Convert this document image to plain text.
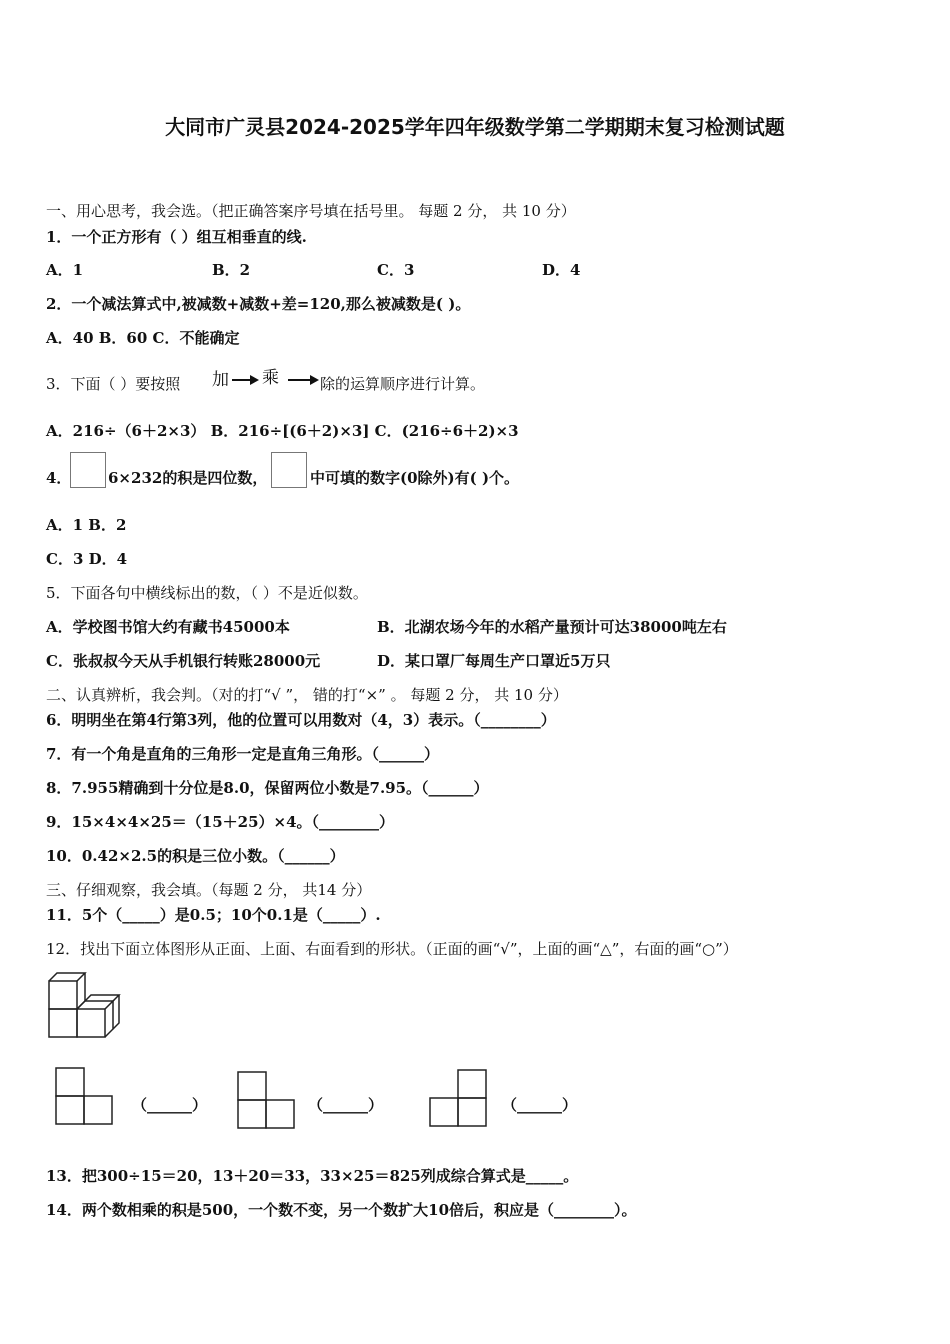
大同市广灵县2024-2025学年四年级数学第二学期期末复习检测试题
一、用心思考，我会选。（把正确答案序号填在括号里。 每题 2 分， 共 10 分）
1．一个正方形有（ ）组互相垂直的线.
A．1	B．2	C．3	D．4
2．一个减法算式中,被减数+减数+差=120,那么被减数是( )。
A．40 B．60 C．不能确定
3．下面（ ）要按照 加 乘	除的运算顺序进行计算。
A．216÷（6＋2×3） B．216÷[(6＋2)×3] C．(216÷6＋2)×3
4． 6×232的积是四位数，	中可填的数字(0除外)有( )个。
A．1 B．2
C．3 D．4
5．下面各句中横线标出的数，（ ）不是近似数。
A．学校图书馆大约有藏书45000本	B．北湖农场今年的水稻产量预计可达38000吨左右
C．张叔叔今天从手机银行转账28000元	D．某口罩厂每周生产口罩近5万只
二、认真辨析，我会判。（对的打“√ ”， 错的打“×” 。 每题 2 分， 共 10 分）
6．明明坐在第4行第3列，他的位置可以用数对（4，3）表示。（________）
7．有一个角是直角的三角形一定是直角三角形。（______）
8．7.955精确到十分位是8.0，保留两位小数是7.95。（______）
9．15×4×4×25＝（15＋25）×4。（________）
10．0.42×2.5的积是三位小数。（______）
三、仔细观察，我会填。（每题 2 分， 共14 分）
11．5个（_____）是0.5；10个0.1是（_____）.
12．找出下面立体图形从正面、上面、右面看到的形状。（正面的画“√”，上面的画“△”，右面的画“○”）
（______）	（______）	（______）
13．把300÷15＝20，13＋20＝33，33×25＝825列成综合算式是_____。
14．两个数相乘的积是500，一个数不变，另一个数扩大10倍后，积应是（________）。
